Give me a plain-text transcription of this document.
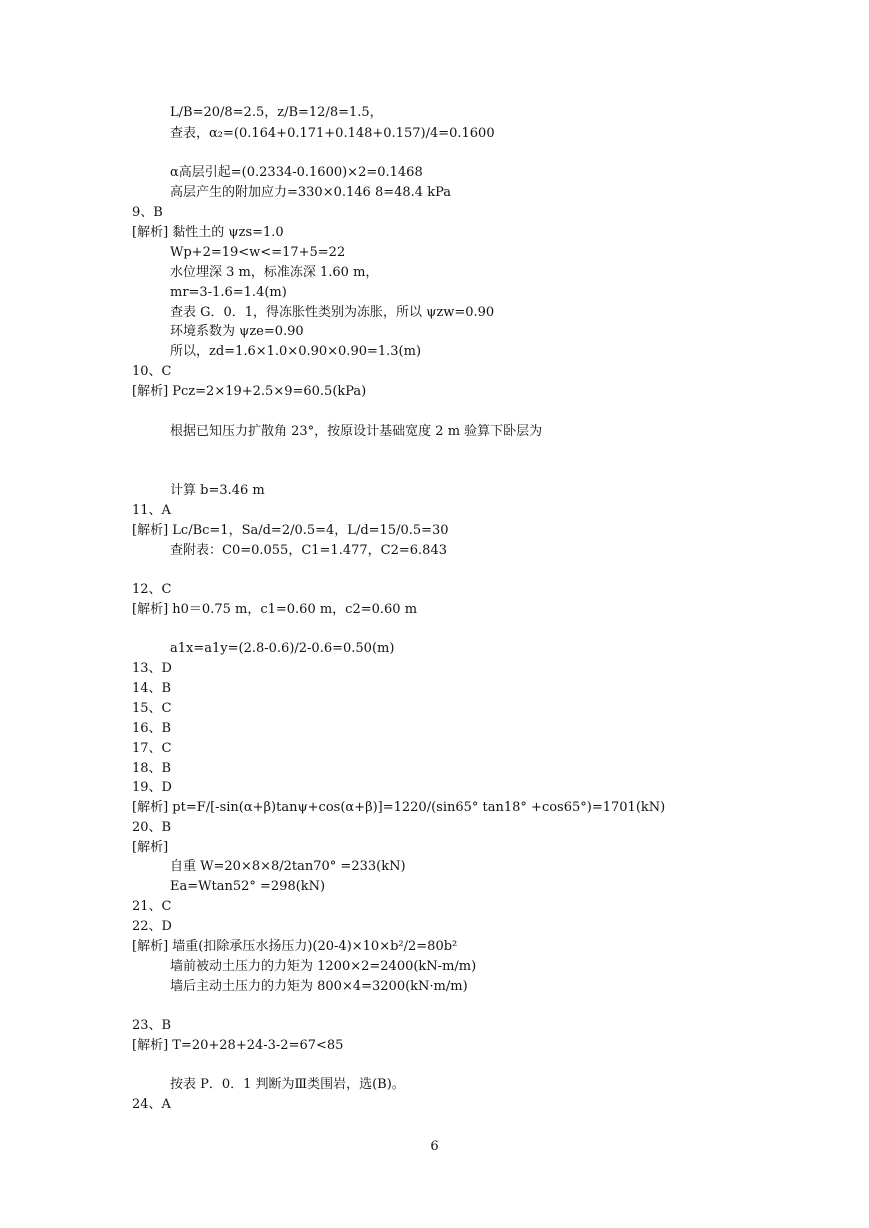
L/B=20/8=2.5，z/B=12/8=1.5，
查表，α₂=(0.164+0.171+0.148+0.157)/4=0.1600
α高层引起=(0.2334-0.1600)×2=0.1468
高层产生的附加应力=330×0.146 8=48.4 kPa
9、B
[解析] 黏性土的 ψzs=1.0
Wp+2=19<w<=17+5=22
水位埋深 3 m，标准冻深 1.60 m，
mr=3-1.6=1.4(m)
查表 G．0．1，得冻胀性类别为冻胀，所以 ψzw=0.90
环境系数为 ψze=0.90
所以，zd=1.6×1.0×0.90×0.90=1.3(m)
10、C
[解析] Pcz=2×19+2.5×9=60.5(kPa)
根据已知压力扩散角 23°，按原设计基础宽度 2 m 验算下卧层为
计算 b=3.46 m
11、A
[解析] Lc/Bc=1，Sa/d=2/0.5=4，L/d=15/0.5=30
查附表：C0=0.055，C1=1.477，C2=6.843
12、C
[解析] h0＝0.75 m，c1=0.60 m，c2=0.60 m
a1x=a1y=(2.8-0.6)/2-0.6=0.50(m)
13、D
14、B
15、C
16、B
17、C
18、B
19、D
[解析] pt=F/[-sin(α+β)tanψ+cos(α+β)]=1220/(sin65° tan18° +cos65°)=1701(kN)
20、B
[解析]
自重 W=20×8×8/2tan70° =233(kN)
Ea=Wtan52° =298(kN)
21、C
22、D
[解析] 墙重(扣除承压水扬压力)(20-4)×10×b²/2=80b²
墙前被动土压力的力矩为 1200×2=2400(kN-m/m)
墙后主动土压力的力矩为 800×4=3200(kN·m/m)
23、B
[解析] T=20+28+24-3-2=67<85
按表 P．0．1 判断为Ⅲ类围岩，选(B)。
24、A
6
